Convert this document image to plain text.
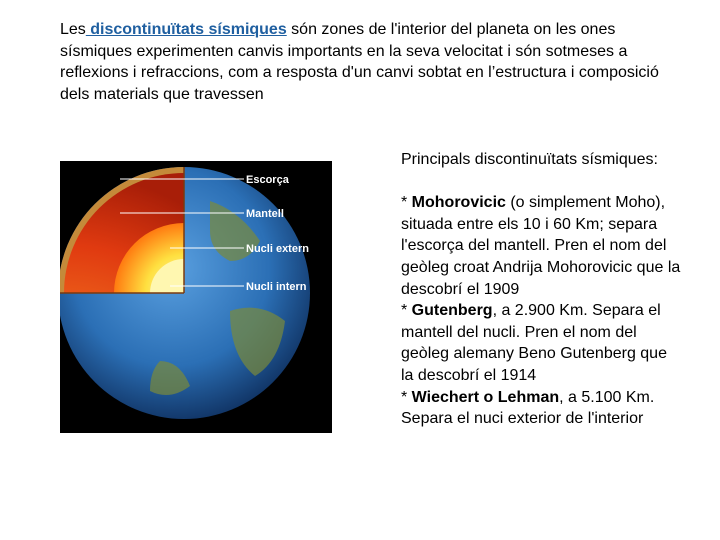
Les discontinuïtats sísmiques són zones de l'interior del planeta on les ones sísmiques experimenten canvis importants en la seva velocitat i són sotmeses a reflexions i refraccions, com a resposta d'un canvi sobtat en l’estructura i composició dels materials que travessen

Escorça
Mantell
Nucli extern
Nucli intern

Principals discontinuïtats sísmiques:

* Mohorovicic (o simplement Moho), situada entre els 10 i 60 Km; separa l'escorça del mantell. Pren el nom del geòleg croat Andrija Mohorovicic que la descobrí el 1909

* Gutenberg, a 2.900 Km. Separa el mantell del nucli. Pren el nom del geòleg alemany Beno Gutenberg que la descobrí el 1914

* Wiechert o Lehman, a 5.100 Km. Separa el nuci exterior de l'interior
